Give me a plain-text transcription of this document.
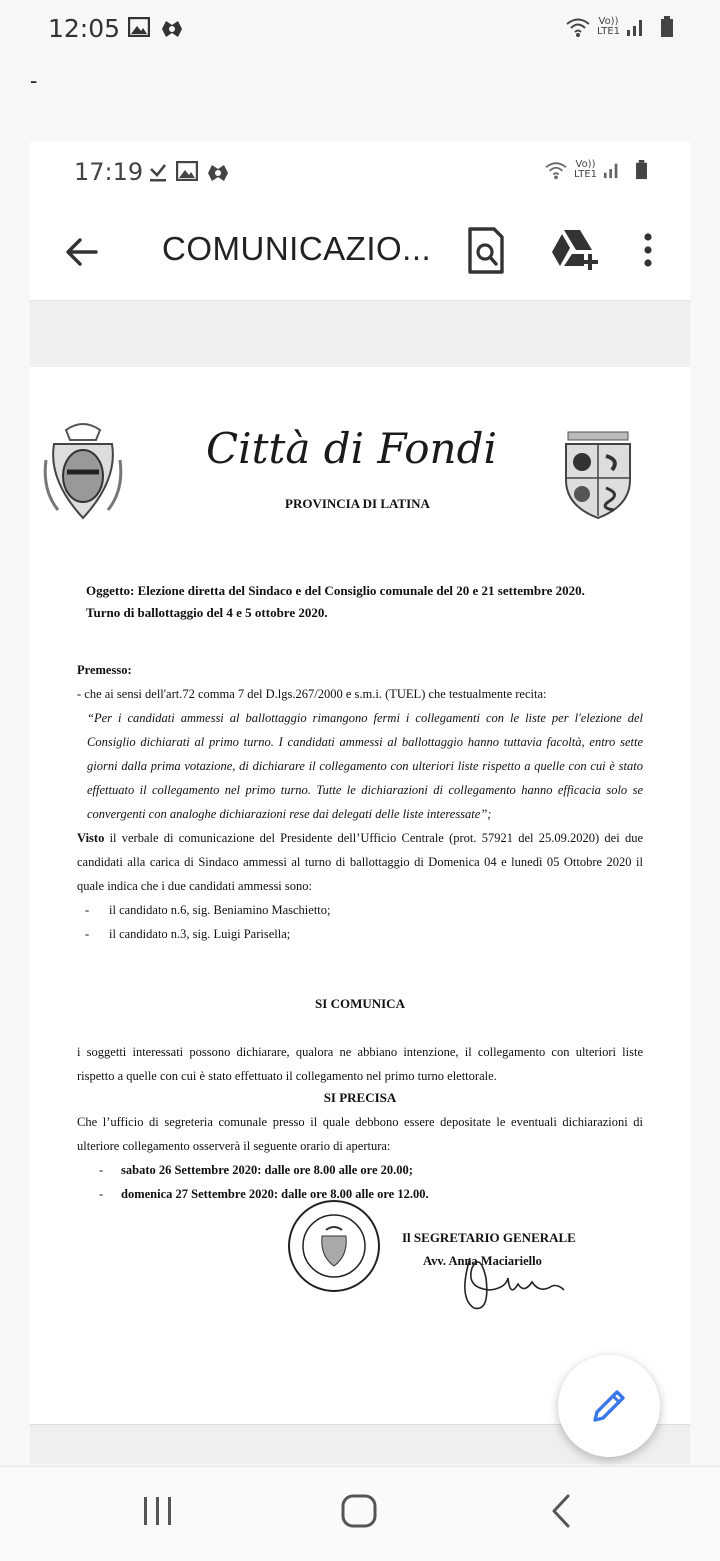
12:05	Vo))
LTE1
-
17:19	Vo))
LTE1
COMUNICAZIO...
Città di Fondi
PROVINCIA DI LATINA
Oggetto: Elezione diretta del Sindaco e del Consiglio comunale del 20 e 21 settembre 2020.
Turno di ballottaggio del 4 e 5 ottobre 2020.
Premesso:
- che ai sensi dell'art.72 comma 7 del D.lgs.267/2000 e s.m.i. (TUEL) che testualmente recita:
“Per i candidati ammessi al ballottaggio rimangono fermi i collegamenti con le liste per l'elezione del Consiglio dichiarati al primo turno. I candidati ammessi al ballottaggio hanno tuttavia facoltà, entro sette giorni dalla prima votazione, di dichiarare il collegamento con ulteriori liste rispetto a quelle con cui è stato effettuato il collegamento nel primo turno. Tutte le dichiarazioni di collegamento hanno efficacia solo se convergenti con analoghe dichiarazioni rese dai delegati delle liste interessate”;
Visto il verbale di comunicazione del Presidente dell’Ufficio Centrale (prot. 57921 del 25.09.2020) dei due candidati alla carica di Sindaco ammessi al turno di ballottaggio di Domenica 04 e lunedì 05 Ottobre 2020 il quale indica che i due candidati ammessi sono:
- il candidato n.6, sig. Beniamino Maschietto;
- il candidato n.3, sig. Luigi Parisella;
SI COMUNICA
i soggetti interessati possono dichiarare, qualora ne abbiano intenzione, il collegamento con ulteriori liste rispetto a quelle con cui è stato effettuato il collegamento nel primo turno elettorale.
SI PRECISA
Che l’ufficio di segreteria comunale presso il quale debbono essere depositate le eventuali dichiarazioni di ulteriore collegamento osserverà il seguente orario di apertura:
- sabato 26 Settembre 2020: dalle ore 8.00 alle ore 20.00;
- domenica 27 Settembre 2020: dalle ore 8.00 alle ore 12.00.
Il SEGRETARIO GENERALE
Avv. Anna Maciariello
